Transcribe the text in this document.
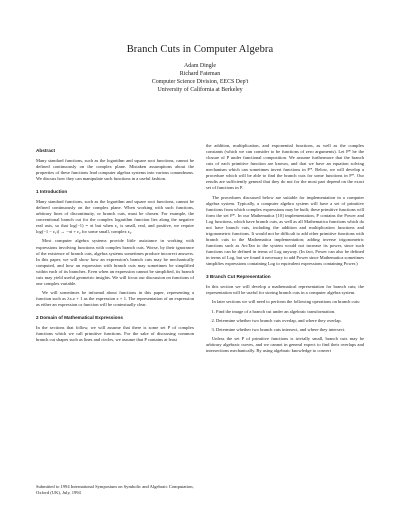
Branch Cuts in Computer Algebra
Adam Dingle
Richard Fateman
Computer Science Division, EECS Dep't
University of California at Berkeley
Abstract

Many standard functions, such as the logarithm and square root functions, cannot be defined continuously on the complex plane. Mistaken assumptions about the properties of these functions lead computer algebra systems into various conundrums. We discuss how they can manipulate such functions in a useful fashion.

1 Introduction

Many standard functions, such as the logarithm and square root functions, cannot be defined continuously on the complex plane. When working with such functions, arbitrary lines of discontinuity, or branch cuts, must be chosen. For example, the conventional branch cut for the complex logarithm function lies along the negative real axis, so that log(−1) = πi but when ε₁ is small, real, and positive, we require log(−1 − ε₁i) → −πi + ε₂ for some small, complex ε₂.

Most computer algebra systems provide little assistance in working with expressions involving functions with complex branch cuts. Worse, by their ignorance of the existence of branch cuts, algebra systems sometimes produce incorrect answers. In this paper, we will show how an expression's branch cuts may be mechanically computed, and how an expression with branch cuts may sometimes be simplified within each of its branches. Even when an expression cannot be simplified, its branch cuts may yield useful geometric insights. We will focus our discussion on functions of one complex variable.

We will sometimes be informal about functions in this paper, representing a function such as λx.z + 1 as the expression z + 1. The representation of an expression as either an expression or function will be contextually clear.

2 Domain of Mathematical Expressions

In the sections that follow, we will assume that there is some set P of complex functions which we call primitive functions. For the sake of discussing common branch cut shapes such as lines and circles, we assume that P contains at least

Submitted to 1994 International Symposium on Symbolic and Algebraic Computation, Oxford (UK), July, 1994

the addition, multiplication, and exponential functions, as well as the complex constants (which we can consider to be functions of zero arguments). Let P* be the closure of P under functional composition. We assume furthermore that the branch cuts of each primitive function are known, and that we have an equation solving mechanism which can sometimes invert functions in P*. Below, we will develop a procedure which will be able to find the branch cuts for some functions in P*. Our results are sufficiently general that they do not for the most part depend on the exact set of functions in P.

The procedures discussed below are suitable for implementation in a computer algebra system. Typically, a computer algebra system will have a set of primitive functions from which complex expressions may be built; these primitive functions will form the set P*. In our Mathematica [10] implementation, P contains the Power and Log functions, which have branch cuts, as well as all Mathematica functions which do not have branch cuts, including the addition and multiplication functions and trigonometric functions. It would not be difficult to add other primitive functions with branch cuts to the Mathematica implementation; adding inverse trigonometric functions such as ArcTan to the system would not increase its power, since such functions can be defined in terms of Log anyway. (In fact, Power can also be defined in terms of Log, but we found it necessary to add Power since Mathematica sometimes simplifies expressions containing Log to equivalent expressions containing Power.)

3 Branch Cut Representation

In this section we will develop a mathematical representation for branch cuts; the representation will be useful for storing branch cuts in a computer algebra system.

In later sections we will need to perform the following operations on branch cuts:

1. Find the image of a branch cut under an algebraic transformation.
2. Determine whether two branch cuts overlap, and where they overlap.
3. Determine whether two branch cuts intersect, and where they intersect.

Unless the set P of primitive functions is trivially small, branch cuts may be arbitrary algebraic curves, and we cannot in general expect to find their overlaps and intersections mechanically. By using algebraic knowledge to convert
